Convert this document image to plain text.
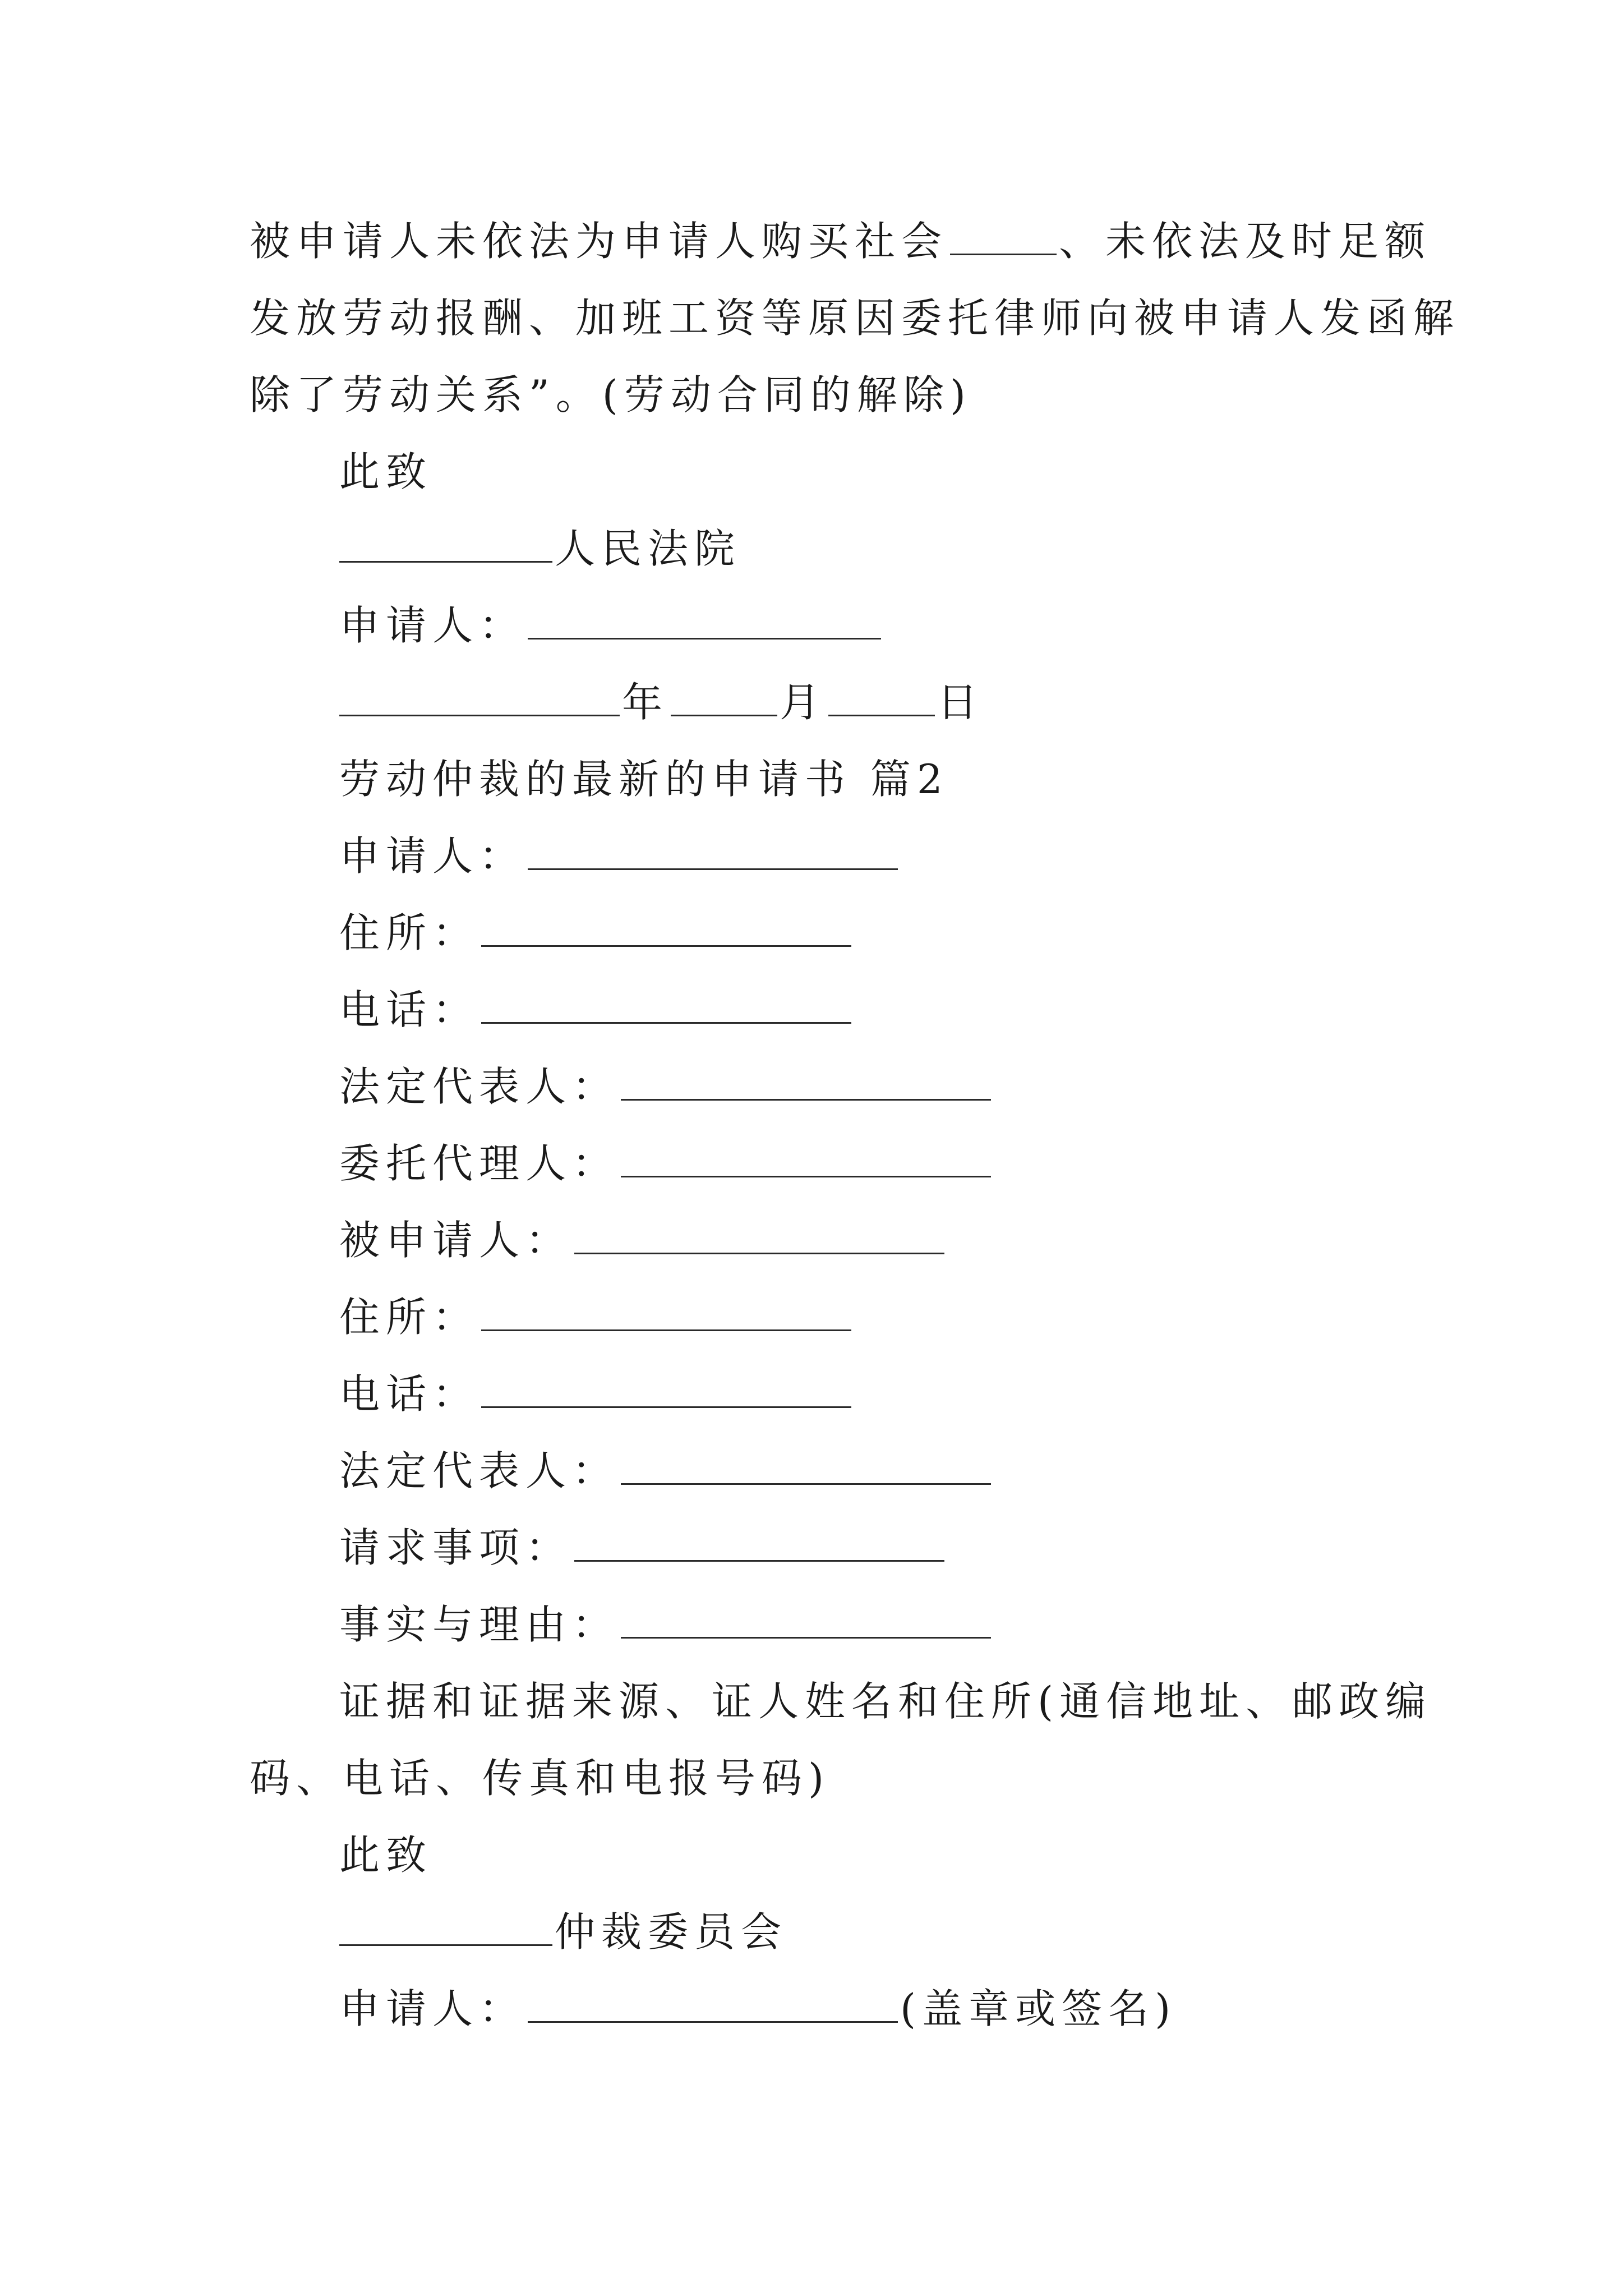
被申请人未依法为申请人购买社会	、未依法及时足额
发放劳动报酬、加班工资等原因委托律师向被申请人发函解
除了劳动关系”。(劳动合同的解除)
此致
人民法院
申请人：
年	月	日
劳动仲裁的最新的申请书 篇2
申请人：
住所：
电话：
法定代表人：
委托代理人：
被申请人：
住所：
电话：
法定代表人：
请求事项：
事实与理由：
证据和证据来源、证人姓名和住所(通信地址、邮政编
码、电话、传真和电报号码)
此致
仲裁委员会
申请人：	(盖章或签名)
